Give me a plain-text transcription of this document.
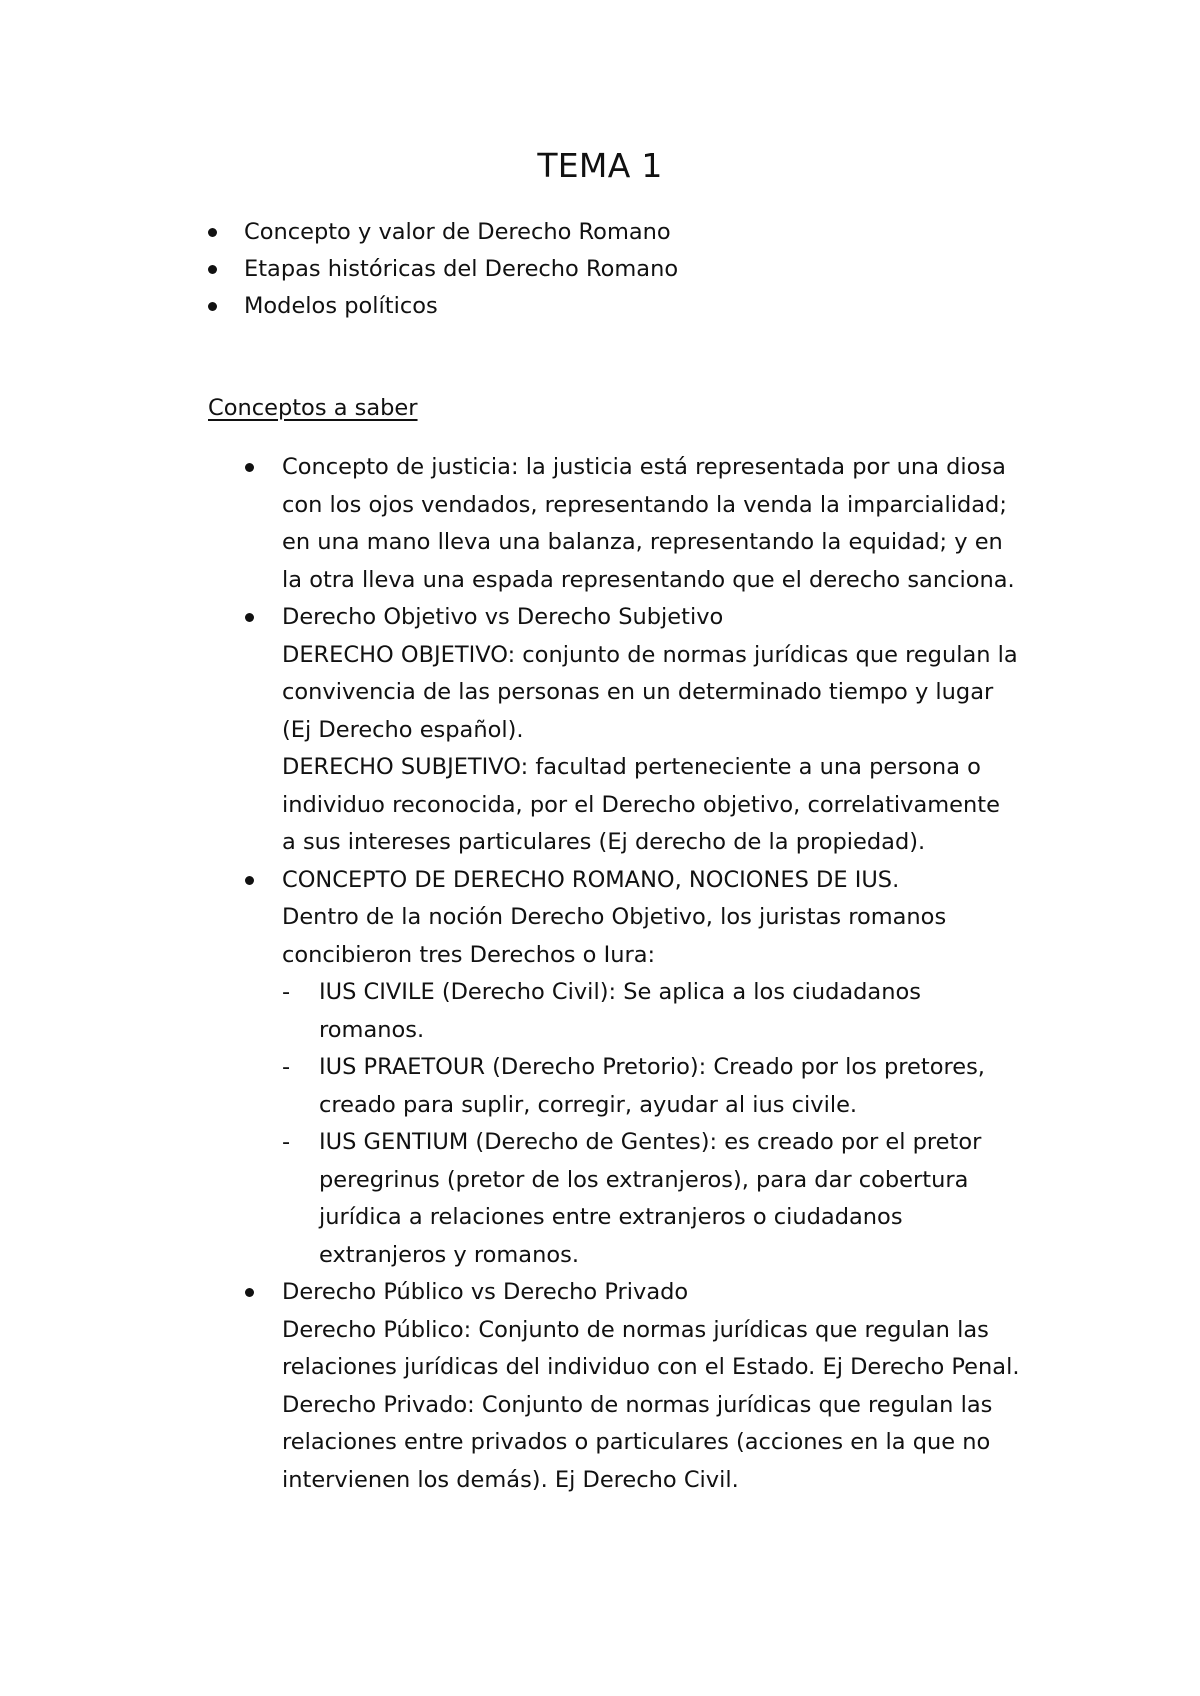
TEMA 1
Concepto y valor de Derecho Romano
Etapas históricas del Derecho Romano
Modelos políticos

Conceptos a saber

Concepto de justicia: la justicia está representada por una diosa
con los ojos vendados, representando la venda la imparcialidad;
en una mano lleva una balanza, representando la equidad; y en
la otra lleva una espada representando que el derecho sanciona.
Derecho Objetivo vs Derecho Subjetivo
DERECHO OBJETIVO: conjunto de normas jurídicas que regulan la
convivencia de las personas en un determinado tiempo y lugar
(Ej Derecho español).
DERECHO SUBJETIVO: facultad perteneciente a una persona o
individuo reconocida, por el Derecho objetivo, correlativamente
a sus intereses particulares (Ej derecho de la propiedad).
CONCEPTO DE DERECHO ROMANO, NOCIONES DE IUS.
Dentro de la noción Derecho Objetivo, los juristas romanos
concibieron tres Derechos o Iura:
- IUS CIVILE (Derecho Civil): Se aplica a los ciudadanos
romanos.
- IUS PRAETOUR (Derecho Pretorio): Creado por los pretores,
creado para suplir, corregir, ayudar al ius civile.
- IUS GENTIUM (Derecho de Gentes): es creado por el pretor
peregrinus (pretor de los extranjeros), para dar cobertura
jurídica a relaciones entre extranjeros o ciudadanos
extranjeros y romanos.
Derecho Público vs Derecho Privado
Derecho Público: Conjunto de normas jurídicas que regulan las
relaciones jurídicas del individuo con el Estado. Ej Derecho Penal.
Derecho Privado: Conjunto de normas jurídicas que regulan las
relaciones entre privados o particulares (acciones en la que no
intervienen los demás). Ej Derecho Civil.
